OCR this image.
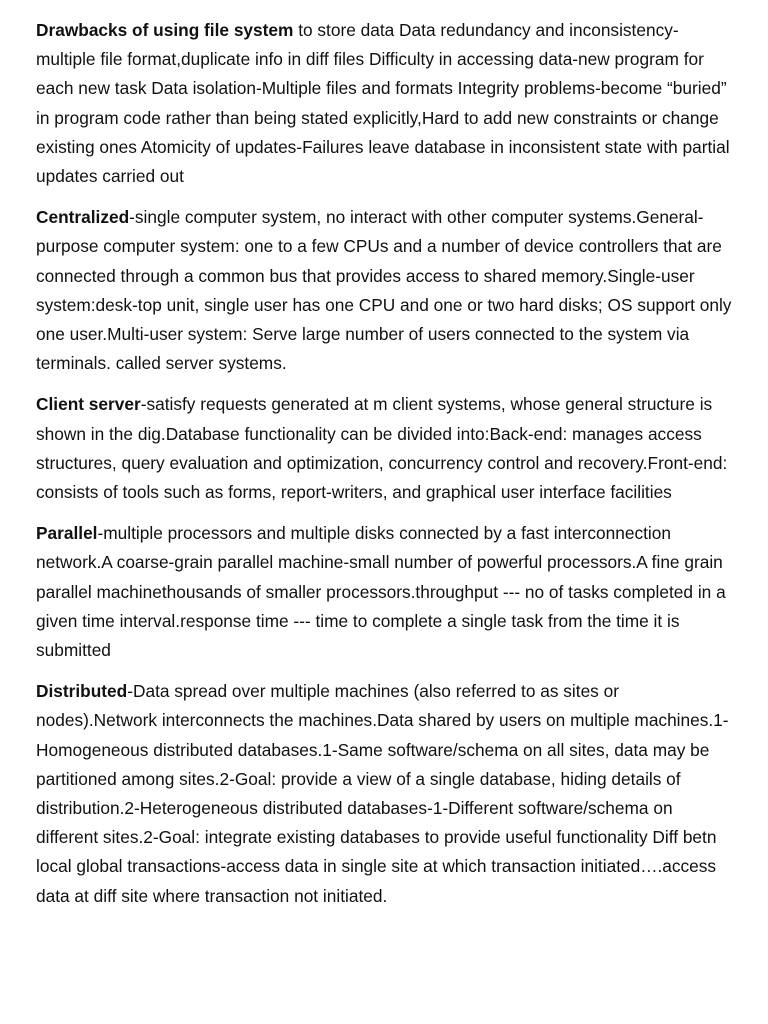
Drawbacks of using file system to store data Data redundancy and inconsistency-multiple file format,duplicate info in diff files Difficulty in accessing data-new program for each new task Data isolation-Multiple files and formats Integrity problems-become “buried” in program code rather than being stated explicitly,Hard to add new constraints or change existing ones Atomicity of updates-Failures leave database in inconsistent state with partial updates carried out

Centralized-single computer system, no interact with other computer systems.General-purpose computer system: one to a few CPUs and a number of device controllers that are connected through a common bus that provides access to shared memory.Single-user system:desk-top unit, single user has one CPU and one or two hard disks; OS support only one user.Multi-user system: Serve large number of users connected to the system via terminals. called server systems.

Client server-satisfy requests generated at m client systems, whose general structure is shown in the dig.Database functionality can be divided into:Back-end: manages access structures, query evaluation and optimization, concurrency control and recovery.Front-end: consists of tools such as forms, report-writers, and graphical user interface facilities

Parallel-multiple processors and multiple disks connected by a fast interconnection network.A coarse-grain parallel machine-small number of powerful processors.A fine grain parallel machinethousands of smaller processors.throughput --- no of tasks completed in a given time interval.response time --- time to complete a single task from the time it is submitted

Distributed-Data spread over multiple machines (also referred to as sites or nodes).Network interconnects the machines.Data shared by users on multiple machines.1-Homogeneous distributed databases.1-Same software/schema on all sites, data may be partitioned among sites.2-Goal: provide a view of a single database, hiding details of distribution.2-Heterogeneous distributed databases-1-Different software/schema on different sites.2-Goal: integrate existing databases to provide useful functionality Diff betn local global transactions-access data in single site at which transaction initiated….access data at diff site where transaction not initiated.
